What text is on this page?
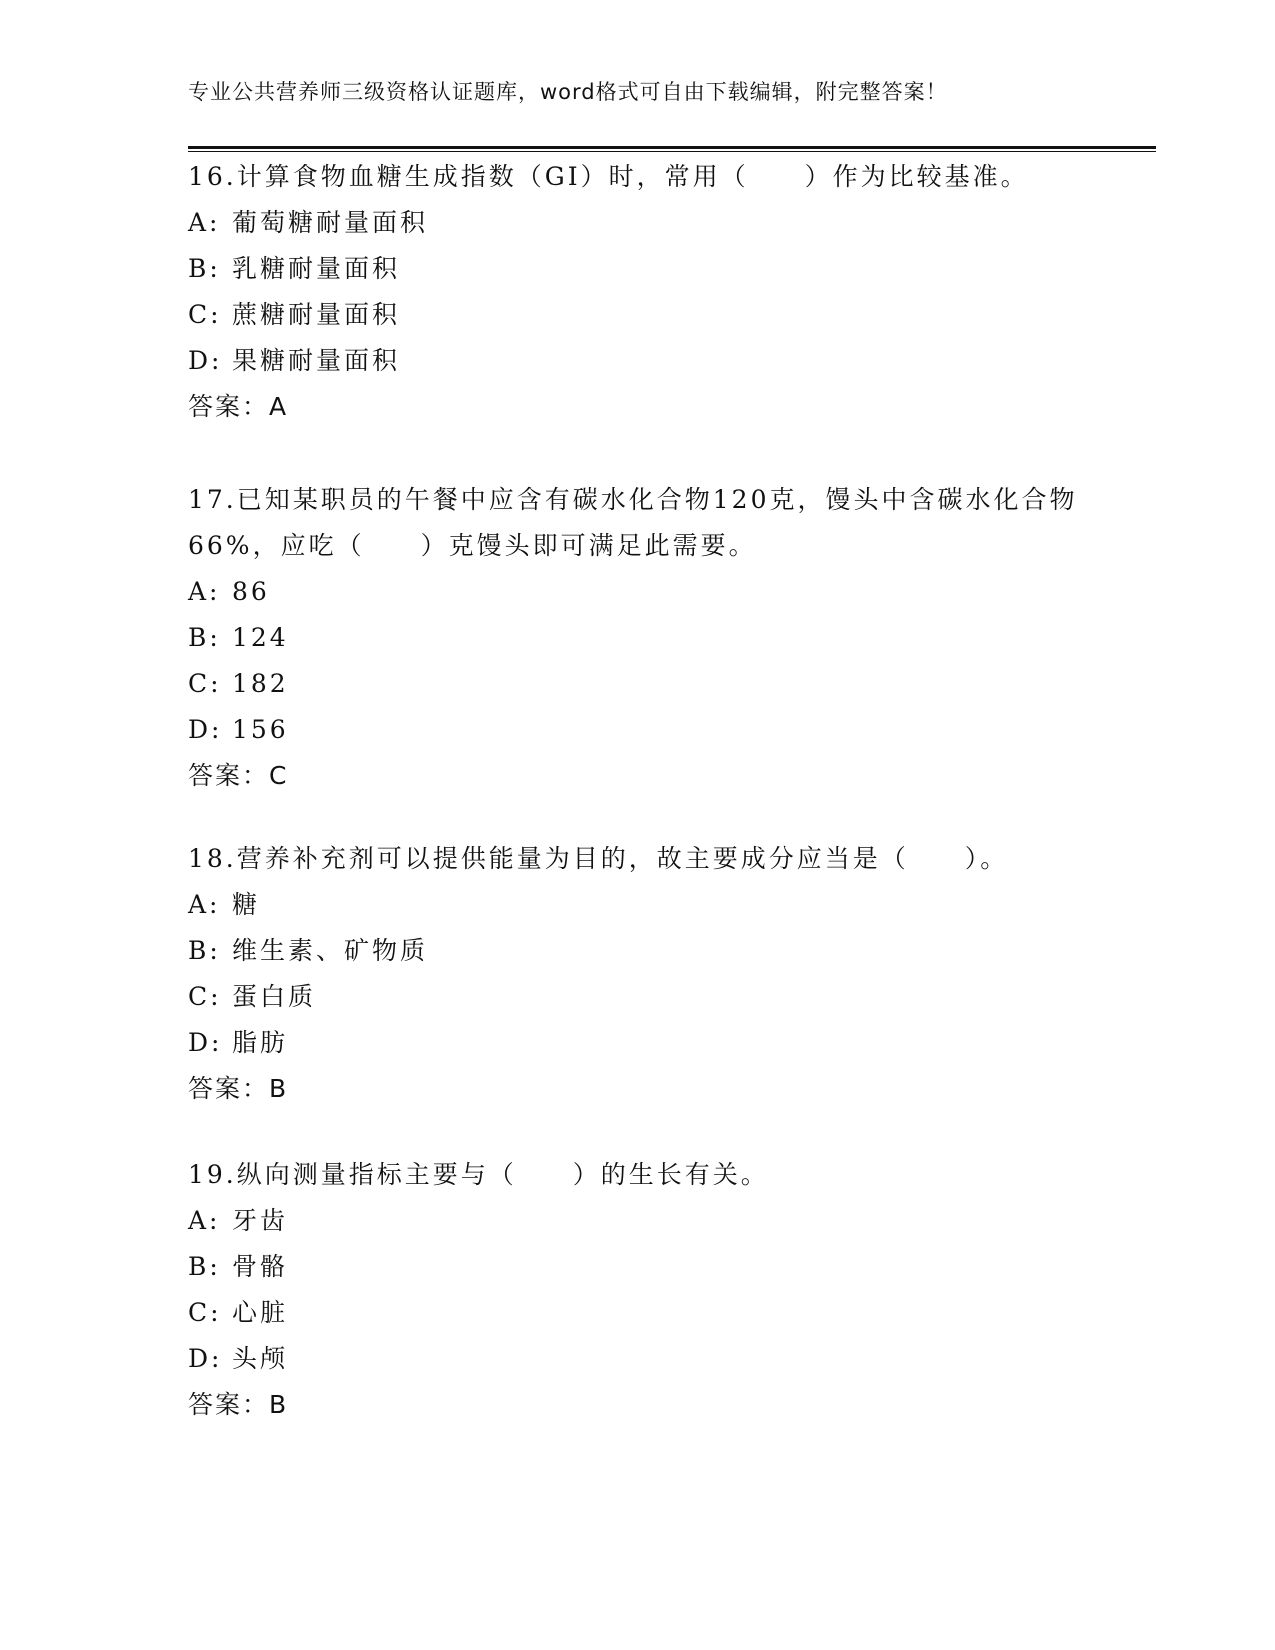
专业公共营养师三级资格认证题库，word格式可自由下载编辑，附完整答案！

16.计算食物血糖生成指数（GI）时，常用（　　）作为比较基准。

A: 葡萄糖耐量面积

B: 乳糖耐量面积

C: 蔗糖耐量面积

D: 果糖耐量面积

答案：A

17.已知某职员的午餐中应含有碳水化合物120克，馒头中含碳水化合物66%，应吃（　　）克馒头即可满足此需要。

A: 86

B: 124

C: 182

D: 156

答案：C

18.营养补充剂可以提供能量为目的，故主要成分应当是（　　）。

A: 糖

B: 维生素、矿物质

C: 蛋白质

D: 脂肪

答案：B

19.纵向测量指标主要与（　　）的生长有关。

A: 牙齿

B: 骨骼

C: 心脏

D: 头颅

答案：B
